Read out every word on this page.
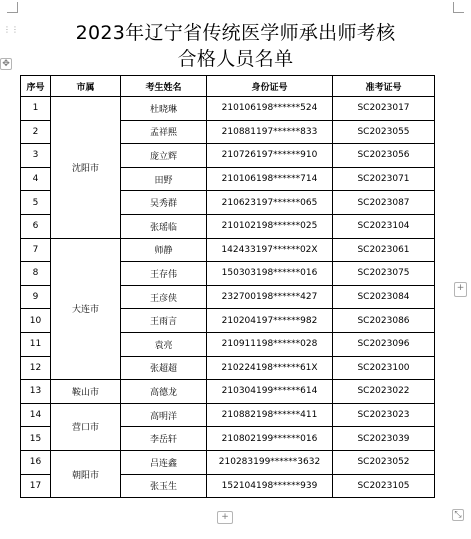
⋮⋮
✥
2023年辽宁省传统医学师承出师考核
合格人员名单
序号	市属	考生姓名	身份证号	准考证号
1	沈阳市	杜晓琳	210106198******524	SC2023017
2		孟祥熙	210881197******833	SC2023055
3		庞立辉	210726197******910	SC2023056
4		田野	210106198******714	SC2023071
5		吴秀群	210623197******065	SC2023087
6		张瑶临	210102198******025	SC2023104
7	大连市	师静	142433197******02X	SC2023061
8		王存伟	150303198******016	SC2023075
9		王彦侠	232700198******427	SC2023084
10		王雨言	210204197******982	SC2023086
11		袁亮	210911198******028	SC2023096
12		张超超	210224198******61X	SC2023100
13	鞍山市	高德龙	210304199******614	SC2023022
14	营口市	高明洋	210882198******411	SC2023023
15		李岳轩	210802199******016	SC2023039
16	朝阳市	吕连鑫	210283199******3632	SC2023052
17		张玉生	152104198******939	SC2023105
+
+	⤡
